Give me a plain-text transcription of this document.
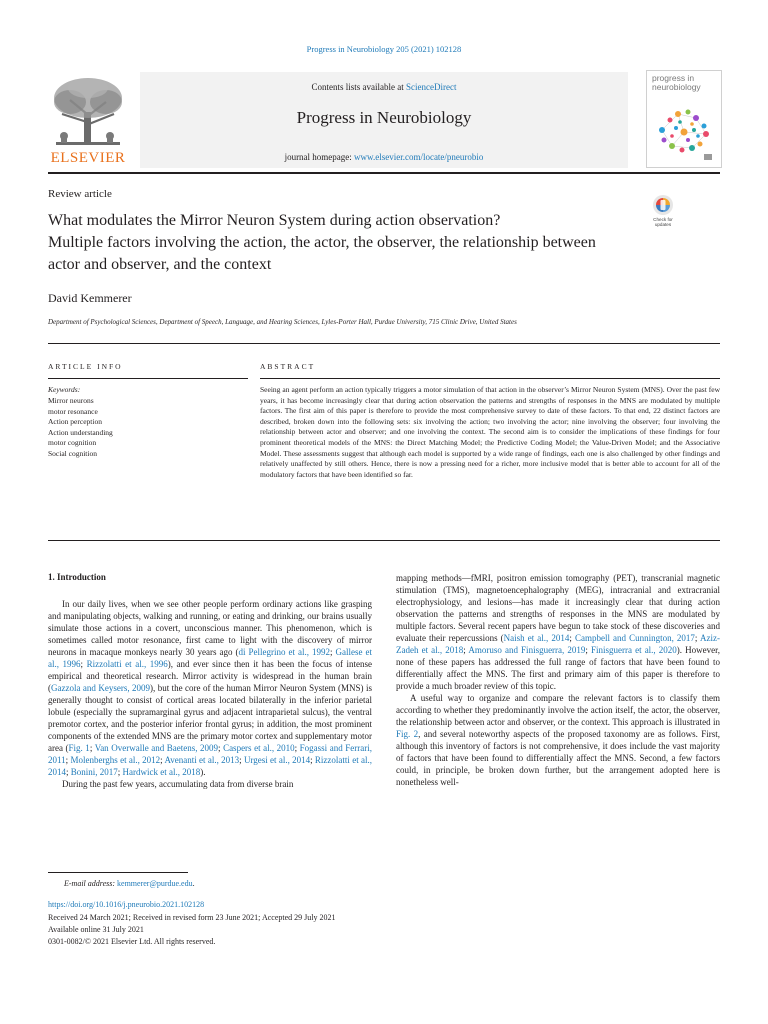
Progress in Neurobiology 205 (2021) 102128
Contents lists available at ScienceDirect
Progress in Neurobiology
journal homepage: www.elsevier.com/locate/pneurobio
ELSEVIER
progress in
neurobiology
Review article
What modulates the Mirror Neuron System during action observation?
Multiple factors involving the action, the actor, the observer, the relationship between
actor and observer, and the context
Check for
updates
David Kemmerer
Department of Psychological Sciences, Department of Speech, Language, and Hearing Sciences, Lyles-Porter Hall, Purdue University, 715 Clinic Drive, United States
ARTICLE INFO
Keywords:
Mirror neurons
motor resonance
Action perception
Action understanding
motor cognition
Social cognition
ABSTRACT

Seeing an agent perform an action typically triggers a motor simulation of that action in the observer’s Mirror Neuron System (MNS). Over the past few years, it has become increasingly clear that during action observation the patterns and strengths of responses in the MNS are modulated by multiple factors. The first aim of this paper is therefore to provide the most comprehensive survey to date of these factors. To that end, 22 distinct factors are described, broken down into the following sets: six involving the action; two involving the actor; nine involving the observer; four involving the relationship between actor and observer; and one involving the context. The second aim is to consider the implications of these findings for four prominent theoretical models of the MNS: the Direct Matching Model; the Predictive Coding Model; the Value-Driven Model; and the Associative Model. These assessments suggest that although each model is supported by a wide range of findings, each one is also challenged by other findings and relatively unaffected by still others. Hence, there is now a pressing need for a richer, more inclusive model that is better able to account for all of the modulatory factors that have been identified so far.

1. Introduction

In our daily lives, when we see other people perform ordinary actions like grasping and manipulating objects, walking and running, or eating and drinking, our brains usually simulate those actions in a covert, unconscious manner. This phenomenon, which is sometimes called motor resonance, first came to light with the discovery of mirror neurons in macaque monkeys nearly 30 years ago (di Pellegrino et al., 1992; Gallese et al., 1996; Rizzolatti et al., 1996), and ever since then it has been the focus of intense empirical and theoretical research. Mirror activity is widespread in the human brain (Gazzola and Keysers, 2009), but the core of the human Mirror Neuron System (MNS) is generally thought to consist of cortical areas located bilaterally in the inferior parietal lobule (especially the supramarginal gyrus and adjacent intraparietal sulcus), the ventral premotor cortex, and the posterior inferior frontal gyrus; in addition, the most prominent components of the extended MNS are the primary motor cortex and supplementary motor area (Fig. 1; Van Overwalle and Baetens, 2009; Caspers et al., 2010; Fogassi and Ferrari, 2011; Molenberghs et al., 2012; Avenanti et al., 2013; Urgesi et al., 2014; Rizzolatti et al., 2014; Bonini, 2017; Hardwick et al., 2018).

During the past few years, accumulating data from diverse brain

mapping methods—fMRI, positron emission tomography (PET), transcranial magnetic stimulation (TMS), magnetoencephalography (MEG), intracranial and extracranial electrophysiology, and lesions—has made it increasingly clear that during action observation the patterns and strengths of responses in the MNS are modulated by multiple factors. Several recent papers have begun to take stock of these discoveries and evaluate their repercussions (Naish et al., 2014; Campbell and Cunnington, 2017; Aziz-Zadeh et al., 2018; Amoruso and Finisguerra, 2019; Finisguerra et al., 2020). However, none of these papers has addressed the full range of factors that have been found to differentially affect the MNS. The first and primary aim of this paper is therefore to provide a much broader review of this topic.

A useful way to organize and compare the relevant factors is to classify them according to whether they predominantly involve the action itself, the actor, the observer, the relationship between actor and observer, or the context. This approach is illustrated in Fig. 2, and several noteworthy aspects of the proposed taxonomy are as follows. First, although this inventory of factors is not comprehensive, it does include the vast majority of factors that have been found to differentially affect the MNS. Second, a few factors could, in principle, be broken down further, but the arrangement adopted here is nonetheless well-

E-mail address: kemmerer@purdue.edu.
https://doi.org/10.1016/j.pneurobio.2021.102128
Received 24 March 2021; Received in revised form 23 June 2021; Accepted 29 July 2021
Available online 31 July 2021
0301-0082/© 2021 Elsevier Ltd. All rights reserved.
